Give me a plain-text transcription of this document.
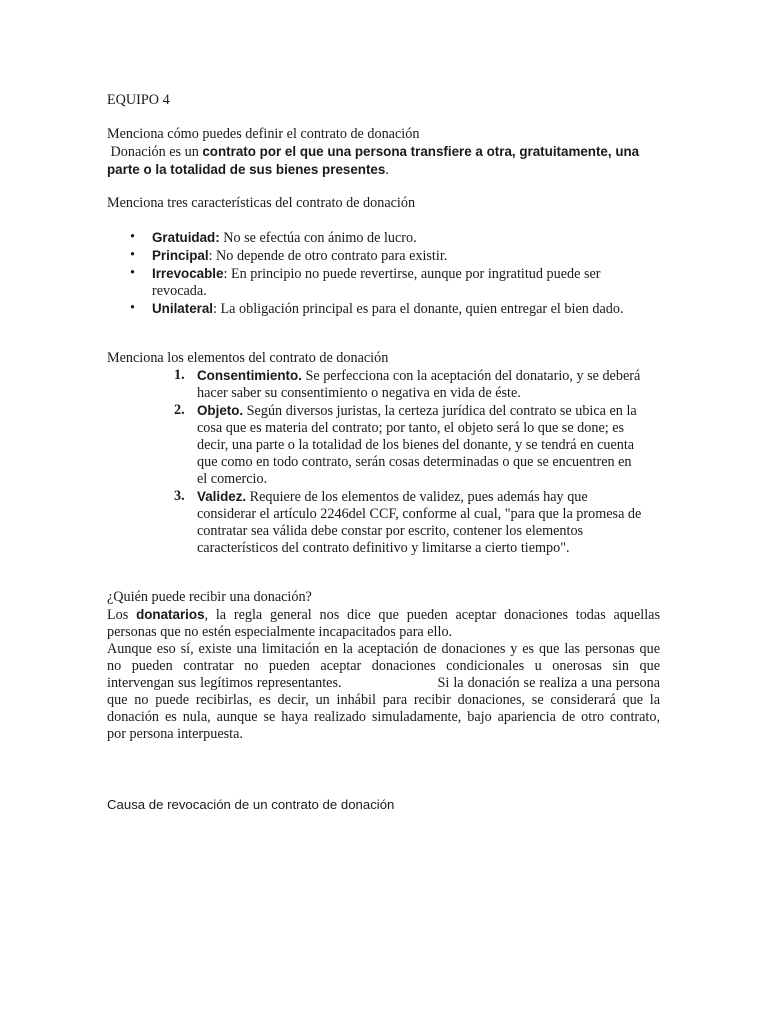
EQUIPO 4
Menciona cómo puedes definir el contrato de donación
Donación es un contrato por el que una persona transfiere a otra, gratuitamente, una
parte o la totalidad de sus bienes presentes.
Menciona tres características del contrato de donación
• Gratuidad: No se efectúa con ánimo de lucro.
• Principal: No depende de otro contrato para existir.
• Irrevocable: En principio no puede revertirse, aunque por ingratitud puede ser
revocada.
• Unilateral: La obligación principal es para el donante, quien entregar el bien dado.
Menciona los elementos del contrato de donación
1. Consentimiento. Se perfecciona con la aceptación del donatario, y se deberá
hacer saber su consentimiento o negativa en vida de éste.
2. Objeto. Según diversos juristas, la certeza jurídica del contrato se ubica en la
cosa que es materia del contrato; por tanto, el objeto será lo que se done; es
decir, una parte o la totalidad de los bienes del donante, y se tendrá en cuenta
que como en todo contrato, serán cosas determinadas o que se encuentren en
el comercio.
3. Validez. Requiere de los elementos de validez, pues además hay que
considerar el artículo 2246del CCF, conforme al cual, "para que la promesa de
contratar sea válida debe constar por escrito, contener los elementos
característicos del contrato definitivo y limitarse a cierto tiempo".
¿Quién puede recibir una donación?
Los donatarios, la regla general nos dice que pueden aceptar donaciones todas aquellas
personas que no estén especialmente incapacitados para ello.
Aunque eso sí, existe una limitación en la aceptación de donaciones y es que las personas que
no pueden contratar no pueden aceptar donaciones condicionales u onerosas sin que
intervengan sus legítimos representantes.	Si la donación se realiza a una persona
que no puede recibirlas, es decir, un inhábil para recibir donaciones, se considerará que la
donación es nula, aunque se haya realizado simuladamente, bajo apariencia de otro contrato,
por persona interpuesta.
Causa de revocación de un contrato de donación
